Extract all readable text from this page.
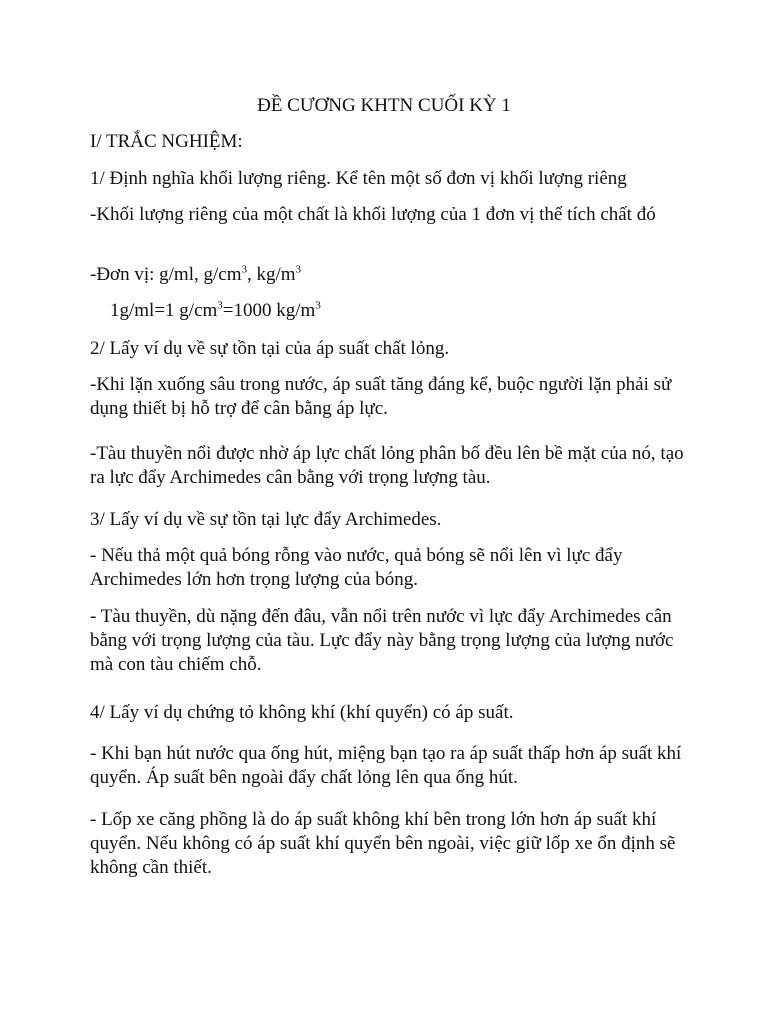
ĐỀ CƯƠNG KHTN CUỐI KỲ 1

I/ TRẮC NGHIỆM:

1/ Định nghĩa khối lượng riêng. Kể tên một số đơn vị khối lượng riêng

-Khối lượng riêng của một chất là khối lượng của 1 đơn vị thể tích chất đó

-Đơn vị: g/ml, $g/cm^3$, $kg/m^3$

1g/ml=1 $g/cm^3=1000$ $kg/m^3$

2/ Lấy ví dụ về sự tồn tại của áp suất chất lỏng.

-Khi lặn xuống sâu trong nước, áp suất tăng đáng kể, buộc người lặn phải sử dụng thiết bị hỗ trợ để cân bằng áp lực.

-Tàu thuyền nổi được nhờ áp lực chất lỏng phân bố đều lên bề mặt của nó, tạo ra lực đẩy Archimedes cân bằng với trọng lượng tàu.

3/ Lấy ví dụ về sự tồn tại lực đẩy Archimedes.

- Nếu thả một quả bóng rỗng vào nước, quả bóng sẽ nổi lên vì lực đẩy Archimedes lớn hơn trọng lượng của bóng.

- Tàu thuyền, dù nặng đến đâu, vẫn nổi trên nước vì lực đẩy Archimedes cân bằng với trọng lượng của tàu. Lực đẩy này bằng trọng lượng của lượng nước mà con tàu chiếm chỗ.

4/ Lấy ví dụ chứng tỏ không khí (khí quyển) có áp suất.

- Khi bạn hút nước qua ống hút, miệng bạn tạo ra áp suất thấp hơn áp suất khí quyển. Áp suất bên ngoài đẩy chất lỏng lên qua ống hút.

- Lốp xe căng phồng là do áp suất không khí bên trong lớn hơn áp suất khí quyển. Nếu không có áp suất khí quyển bên ngoài, việc giữ lốp xe ổn định sẽ không cần thiết.
